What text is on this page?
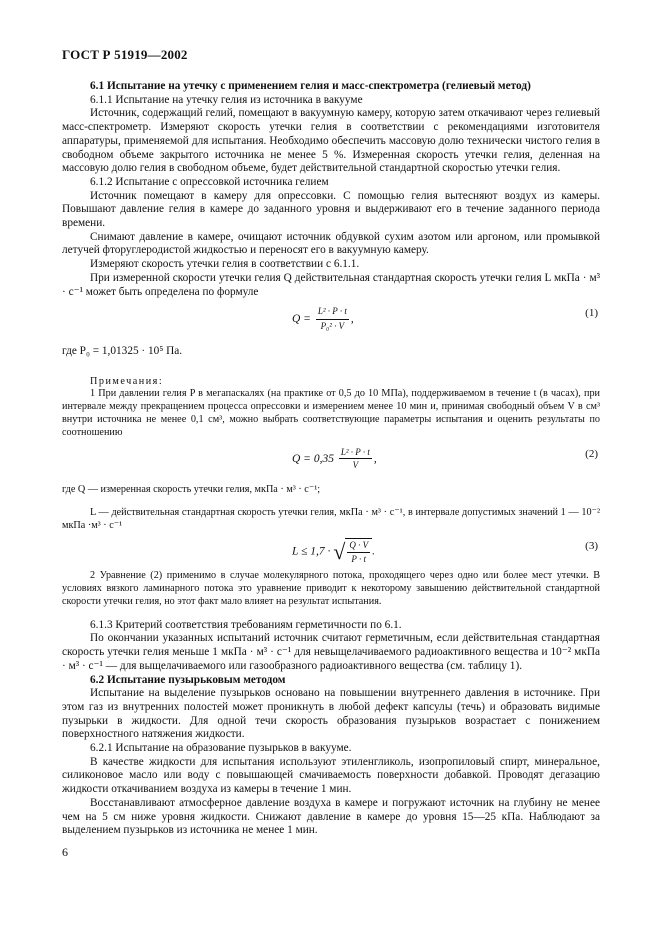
ГОСТ Р 51919—2002

6.1 Испытание на утечку с применением гелия и масс-спектрометра (гелиевый метод)

6.1.1 Испытание на утечку гелия из источника в вакууме

Источник, содержащий гелий, помещают в вакуумную камеру, которую затем откачивают через гелиевый масс-спектрометр. Измеряют скорость утечки гелия в соответствии с рекомендациями изготовителя аппаратуры, применяемой для испытания. Необходимо обеспечить массовую долю технически чистого гелия в свободном объеме закрытого источника не менее 5 %. Измеренная скорость утечки гелия, деленная на массовую долю гелия в свободном объеме, будет действительной стандартной скоростью утечки гелия.

6.1.2 Испытание с опрессовкой источника гелием

Источник помещают в камеру для опрессовки. С помощью гелия вытесняют воздух из камеры. Повышают давление гелия в камере до заданного уровня и выдерживают его в течение заданного периода времени.

Снимают давление в камере, очищают источник обдувкой сухим азотом или аргоном, или промывкой летучей фторуглеродистой жидкостью и переносят его в вакуумную камеру.

Измеряют скорость утечки гелия в соответствии с 6.1.1.

При измеренной скорости утечки гелия Q действительная стандартная скорость утечки гелия L мкПа · м³ · с⁻¹ может быть определена по формуле

$Q = \frac{\text{L² · P · t}}{\text{P₀² · V}}$ ,	(1)

где P₀ = 1,01325 · 10⁵ Па.

Примечания:

1 При давлении гелия P в мегапаскалях (на практике от 0,5 до 10 МПа), поддерживаемом в течение t (в часах), при интервале между прекращением процесса опрессовки и измерением менее 10 мин и, принимая свободный объем V в см³ внутри источника не менее 0,1 см³, можно выбрать соответствующие параметры испытания и оценить результаты по соотношению

$Q = 0,35 \frac{\text{L² · P · t}}{V}$ ,	(2)

где Q — измеренная скорость утечки гелия, мкПа · м³ · с⁻¹;

L — действительная стандартная скорость утечки гелия, мкПа · м³ · с⁻¹, в интервале допустимых значений 1 — 10⁻² мкПа ·м³ · с⁻¹

L ≤ 1,7 · √ $\frac{Q \cdot V}{P \cdot t}$ .	(3)

2 Уравнение (2) применимо в случае молекулярного потока, проходящего через одно или более мест утечки. В условиях вязкого ламинарного потока это уравнение приводит к некоторому завышению действительной стандартной скорости утечки гелия, но этот факт мало влияет на результат испытания.

6.1.3 Критерий соответствия требованиям герметичности по 6.1.

По окончании указанных испытаний источник считают герметичным, если действительная стандартная скорость утечки гелия меньше 1 мкПа · м³ · с⁻¹ для невыщелачиваемого радиоактивного вещества и 10⁻² мкПа · м³ · с⁻¹ — для выщелачиваемого или газообразного радиоактивного вещества (см. таблицу 1).

6.2 Испытание пузырьковым методом

Испытание на выделение пузырьков основано на повышении внутреннего давления в источнике. При этом газ из внутренних полостей может проникнуть в любой дефект капсулы (течь) и образовать видимые пузырьки в жидкости. Для одной течи скорость образования пузырьков возрастает с понижением поверхностного натяжения жидкости.

6.2.1 Испытание на образование пузырьков в вакууме.

В качестве жидкости для испытания используют этиленгликоль, изопропиловый спирт, минеральное, силиконовое масло или воду с повышающей смачиваемость поверхности добавкой. Проводят дегазацию жидкости откачиванием воздуха из камеры в течение 1 мин.

Восстанавливают атмосферное давление воздуха в камере и погружают источник на глубину не менее чем на 5 см ниже уровня жидкости. Снижают давление в камере до уровня 15—25 кПа. Наблюдают за выделением пузырьков из источника не менее 1 мин.

6
